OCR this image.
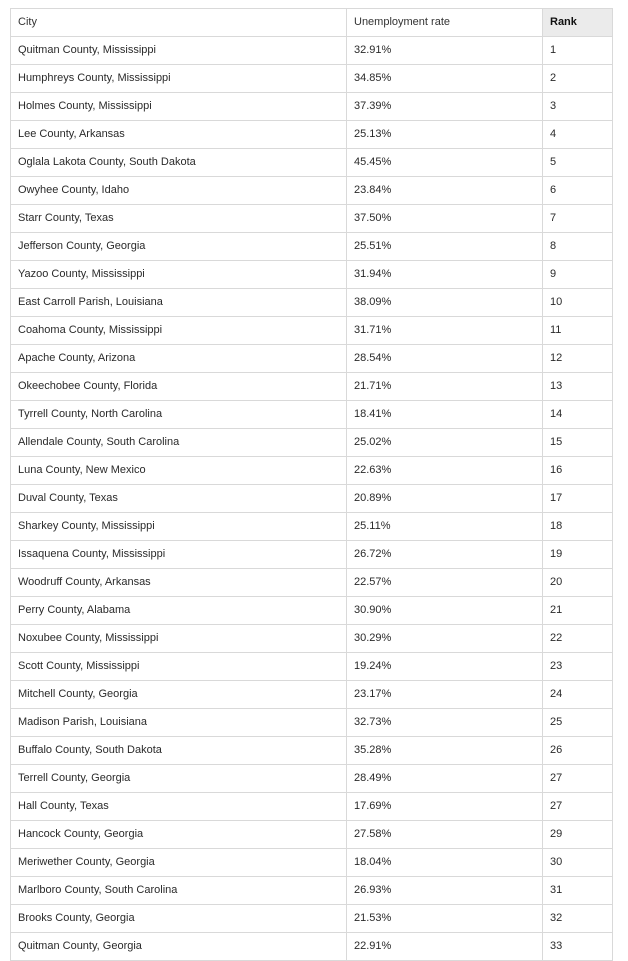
City	Unemployment rate	Rank
Quitman County, Mississippi	32.91%	1
Humphreys County, Mississippi	34.85%	2
Holmes County, Mississippi	37.39%	3
Lee County, Arkansas	25.13%	4
Oglala Lakota County, South Dakota	45.45%	5
Owyhee County, Idaho	23.84%	6
Starr County, Texas	37.50%	7
Jefferson County, Georgia	25.51%	8
Yazoo County, Mississippi	31.94%	9
East Carroll Parish, Louisiana	38.09%	10
Coahoma County, Mississippi	31.71%	11
Apache County, Arizona	28.54%	12
Okeechobee County, Florida	21.71%	13
Tyrrell County, North Carolina	18.41%	14
Allendale County, South Carolina	25.02%	15
Luna County, New Mexico	22.63%	16
Duval County, Texas	20.89%	17
Sharkey County, Mississippi	25.11%	18
Issaquena County, Mississippi	26.72%	19
Woodruff County, Arkansas	22.57%	20
Perry County, Alabama	30.90%	21
Noxubee County, Mississippi	30.29%	22
Scott County, Mississippi	19.24%	23
Mitchell County, Georgia	23.17%	24
Madison Parish, Louisiana	32.73%	25
Buffalo County, South Dakota	35.28%	26
Terrell County, Georgia	28.49%	27
Hall County, Texas	17.69%	27
Hancock County, Georgia	27.58%	29
Meriwether County, Georgia	18.04%	30
Marlboro County, South Carolina	26.93%	31
Brooks County, Georgia	21.53%	32
Quitman County, Georgia	22.91%	33
